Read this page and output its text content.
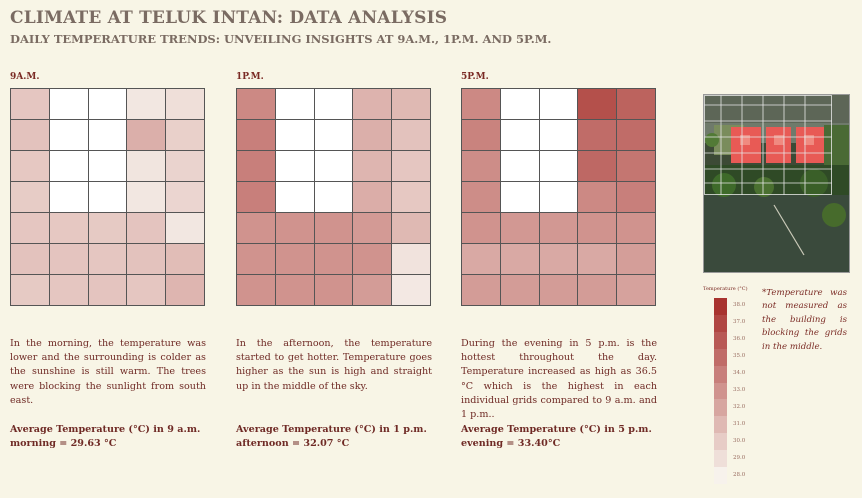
CLIMATE AT TELUK INTAN: DATA ANALYSIS
DAILY TEMPERATURE TRENDS: UNVEILING INSIGHTS AT 9A.M., 1P.M. AND 5P.M.
9A.M.
In the morning, the temperature was lower and the surrounding is colder as the sunshine is still warm. The trees were blocking the sunlight from south east.
Average Temperature (°C) in 9 a.m.
morning = 29.63 °C
1P.M.
In the afternoon, the temperature started to get hotter. Temperature goes higher as the sun is high and straight up in the middle of the sky.
Average Temperature (°C) in 1 p.m.
afternoon = 32.07 °C
5P.M.
During the evening in 5 p.m. is the hottest throughout the day. Temperature increased as high as 36.5 °C which is the highest in each individual grids compared to 9 a.m. and 1 p.m..
Average Temperature (°C) in 5 p.m.
evening = 33.40°C
Temperature (°C)
38.0
37.0
36.0
35.0
34.0
33.0
32.0
31.0
30.0
29.0
28.0
*Temperature was not measured as the building is blocking the grids in the middle.
